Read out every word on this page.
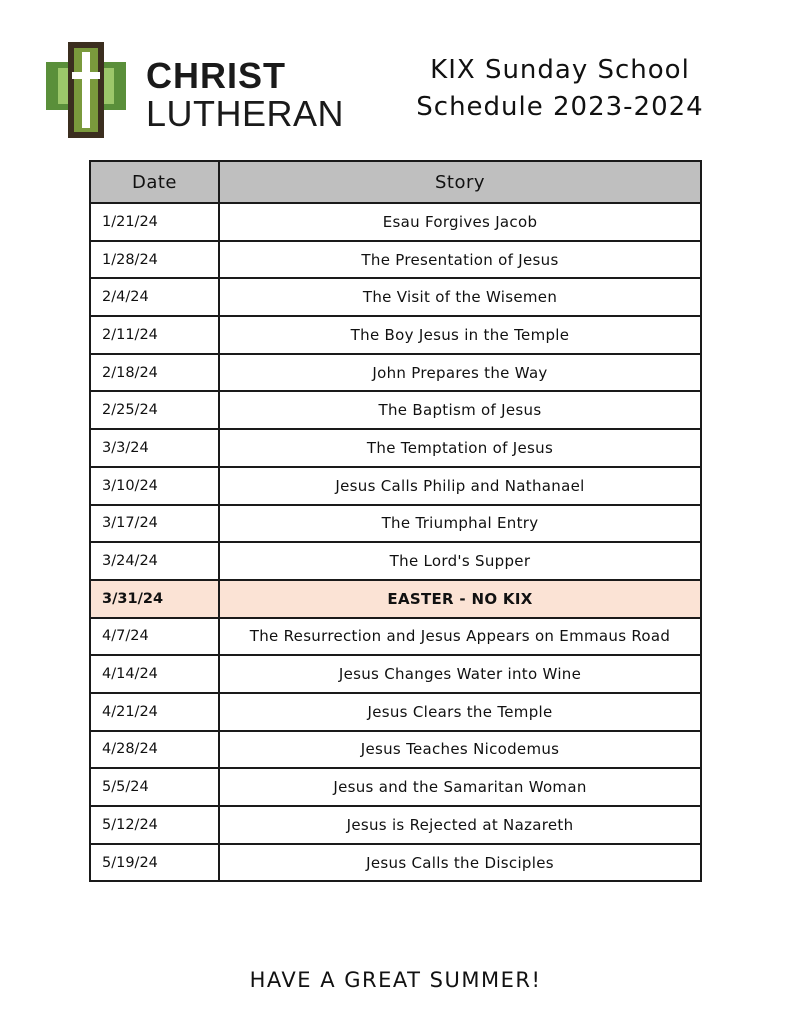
CHRIST
LUTHERAN
KIX Sunday School
Schedule 2023-2024
Date	Story
1/21/24	Esau Forgives Jacob
1/28/24	The Presentation of Jesus
2/4/24	The Visit of the Wisemen
2/11/24	The Boy Jesus in the Temple
2/18/24	John Prepares the Way
2/25/24	The Baptism of Jesus
3/3/24	The Temptation of Jesus
3/10/24	Jesus Calls Philip and Nathanael
3/17/24	The Triumphal Entry
3/24/24	The Lord's Supper
3/31/24	EASTER - NO KIX
4/7/24	The Resurrection and Jesus Appears on Emmaus Road
4/14/24	Jesus Changes Water into Wine
4/21/24	Jesus Clears the Temple
4/28/24	Jesus Teaches Nicodemus
5/5/24	Jesus and the Samaritan Woman
5/12/24	Jesus is Rejected at Nazareth
5/19/24	Jesus Calls the Disciples
HAVE A GREAT SUMMER!
